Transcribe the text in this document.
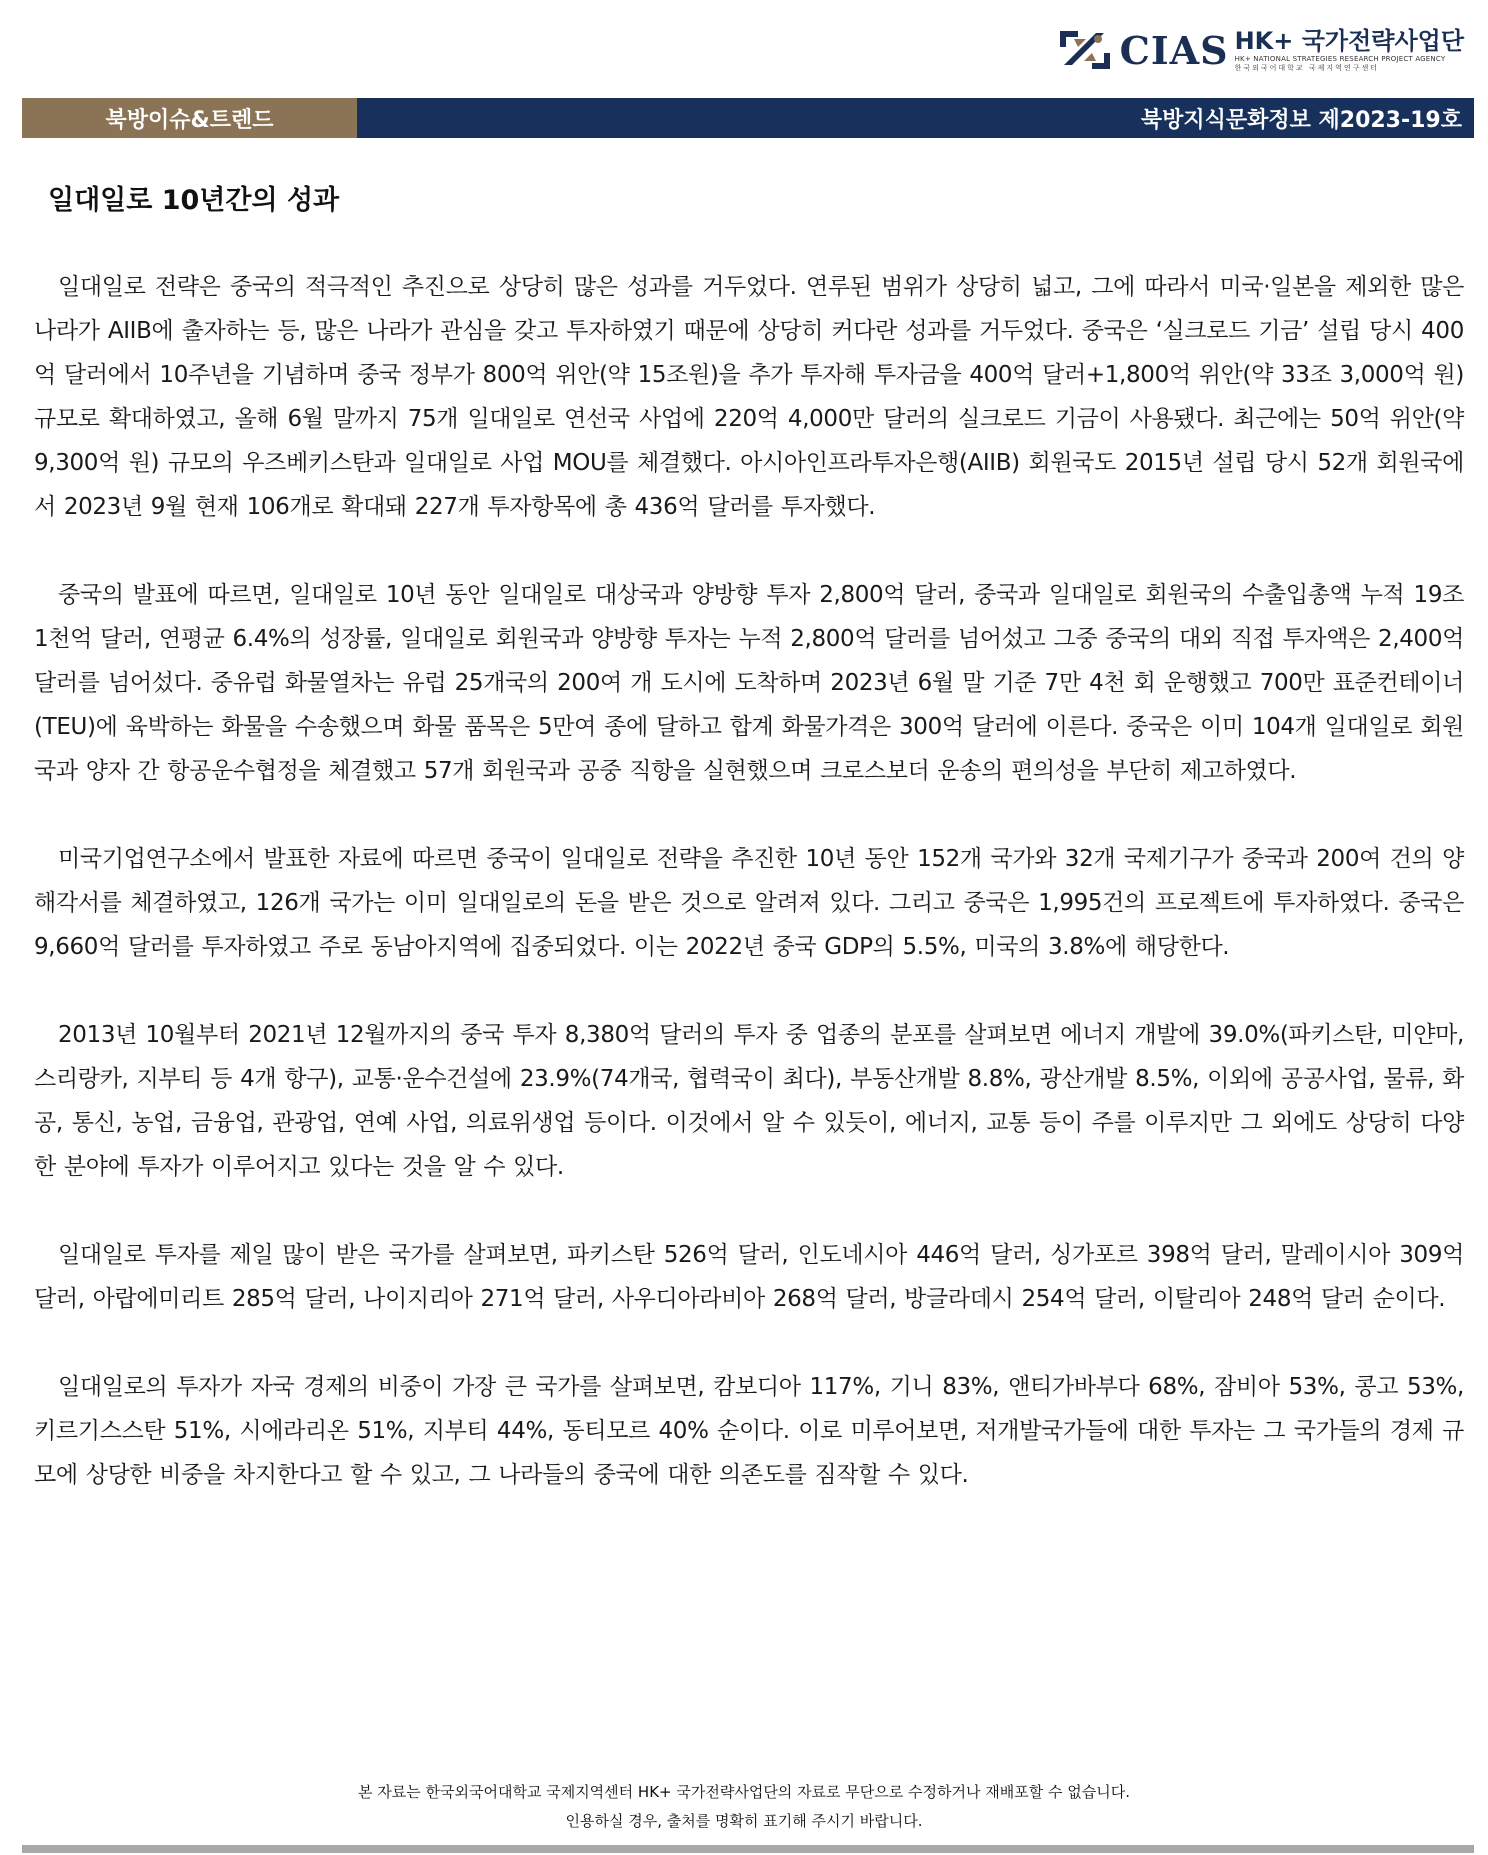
CIAS HK+ 국가전략사업단
HK+ NATIONAL STRATEGIES RESEARCH PROJECT AGENCY
한국외국어대학교 국제지역연구센터
북방이슈&트렌드	북방지식문화정보 제2023-19호
일대일로 10년간의 성과

일대일로 전략은 중국의 적극적인 추진으로 상당히 많은 성과를 거두었다. 연루된 범위가 상당히 넓고, 그에 따라서 미국·일본을 제외한 많은 나라가 AIIB에 출자하는 등, 많은 나라가 관심을 갖고 투자하였기 때문에 상당히 커다란 성과를 거두었다. 중국은 ‘실크로드 기금’ 설립 당시 400억 달러에서 10주년을 기념하며 중국 정부가 800억 위안(약 15조원)을 추가 투자해 투자금을 400억 달러+1,800억 위안(약 33조 3,000억 원) 규모로 확대하였고, 올해 6월 말까지 75개 일대일로 연선국 사업에 220억 4,000만 달러의 실크로드 기금이 사용됐다. 최근에는 50억 위안(약 9,300억 원) 규모의 우즈베키스탄과 일대일로 사업 MOU를 체결했다. 아시아인프라투자은행(AIIB) 회원국도 2015년 설립 당시 52개 회원국에서 2023년 9월 현재 106개로 확대돼 227개 투자항목에 총 436억 달러를 투자했다.

중국의 발표에 따르면, 일대일로 10년 동안 일대일로 대상국과 양방향 투자 2,800억 달러, 중국과 일대일로 회원국의 수출입총액 누적 19조 1천억 달러, 연평균 6.4%의 성장률, 일대일로 회원국과 양방향 투자는 누적 2,800억 달러를 넘어섰고 그중 중국의 대외 직접 투자액은 2,400억 달러를 넘어섰다. 중유럽 화물열차는 유럽 25개국의 200여 개 도시에 도착하며 2023년 6월 말 기준 7만 4천 회 운행했고 700만 표준컨테이너(TEU)에 육박하는 화물을 수송했으며 화물 품목은 5만여 종에 달하고 합계 화물가격은 300억 달러에 이른다. 중국은 이미 104개 일대일로 회원국과 양자 간 항공운수협정을 체결했고 57개 회원국과 공중 직항을 실현했으며 크로스보더 운송의 편의성을 부단히 제고하였다.

미국기업연구소에서 발표한 자료에 따르면 중국이 일대일로 전략을 추진한 10년 동안 152개 국가와 32개 국제기구가 중국과 200여 건의 양해각서를 체결하였고, 126개 국가는 이미 일대일로의 돈을 받은 것으로 알려져 있다. 그리고 중국은 1,995건의 프로젝트에 투자하였다. 중국은 9,660억 달러를 투자하였고 주로 동남아지역에 집중되었다. 이는 2022년 중국 GDP의 5.5%, 미국의 3.8%에 해당한다.

2013년 10월부터 2021년 12월까지의 중국 투자 8,380억 달러의 투자 중 업종의 분포를 살펴보면 에너지 개발에 39.0%(파키스탄, 미얀마, 스리랑카, 지부티 등 4개 항구), 교통·운수건설에 23.9%(74개국, 협력국이 최다), 부동산개발 8.8%, 광산개발 8.5%, 이외에 공공사업, 물류, 화공, 통신, 농업, 금융업, 관광업, 연예 사업, 의료위생업 등이다. 이것에서 알 수 있듯이, 에너지, 교통 등이 주를 이루지만 그 외에도 상당히 다양한 분야에 투자가 이루어지고 있다는 것을 알 수 있다.

일대일로 투자를 제일 많이 받은 국가를 살펴보면, 파키스탄 526억 달러, 인도네시아 446억 달러, 싱가포르 398억 달러, 말레이시아 309억 달러, 아랍에미리트 285억 달러, 나이지리아 271억 달러, 사우디아라비아 268억 달러, 방글라데시 254억 달러, 이탈리아 248억 달러 순이다.

일대일로의 투자가 자국 경제의 비중이 가장 큰 국가를 살펴보면, 캄보디아 117%, 기니 83%, 앤티가바부다 68%, 잠비아 53%, 콩고 53%, 키르기스스탄 51%, 시에라리온 51%, 지부티 44%, 동티모르 40% 순이다. 이로 미루어보면, 저개발국가들에 대한 투자는 그 국가들의 경제 규모에 상당한 비중을 차지한다고 할 수 있고, 그 나라들의 중국에 대한 의존도를 짐작할 수 있다.

본 자료는 한국외국어대학교 국제지역센터 HK+ 국가전략사업단의 자료로 무단으로 수정하거나 재배포할 수 없습니다.
인용하실 경우, 출처를 명확히 표기해 주시기 바랍니다.
